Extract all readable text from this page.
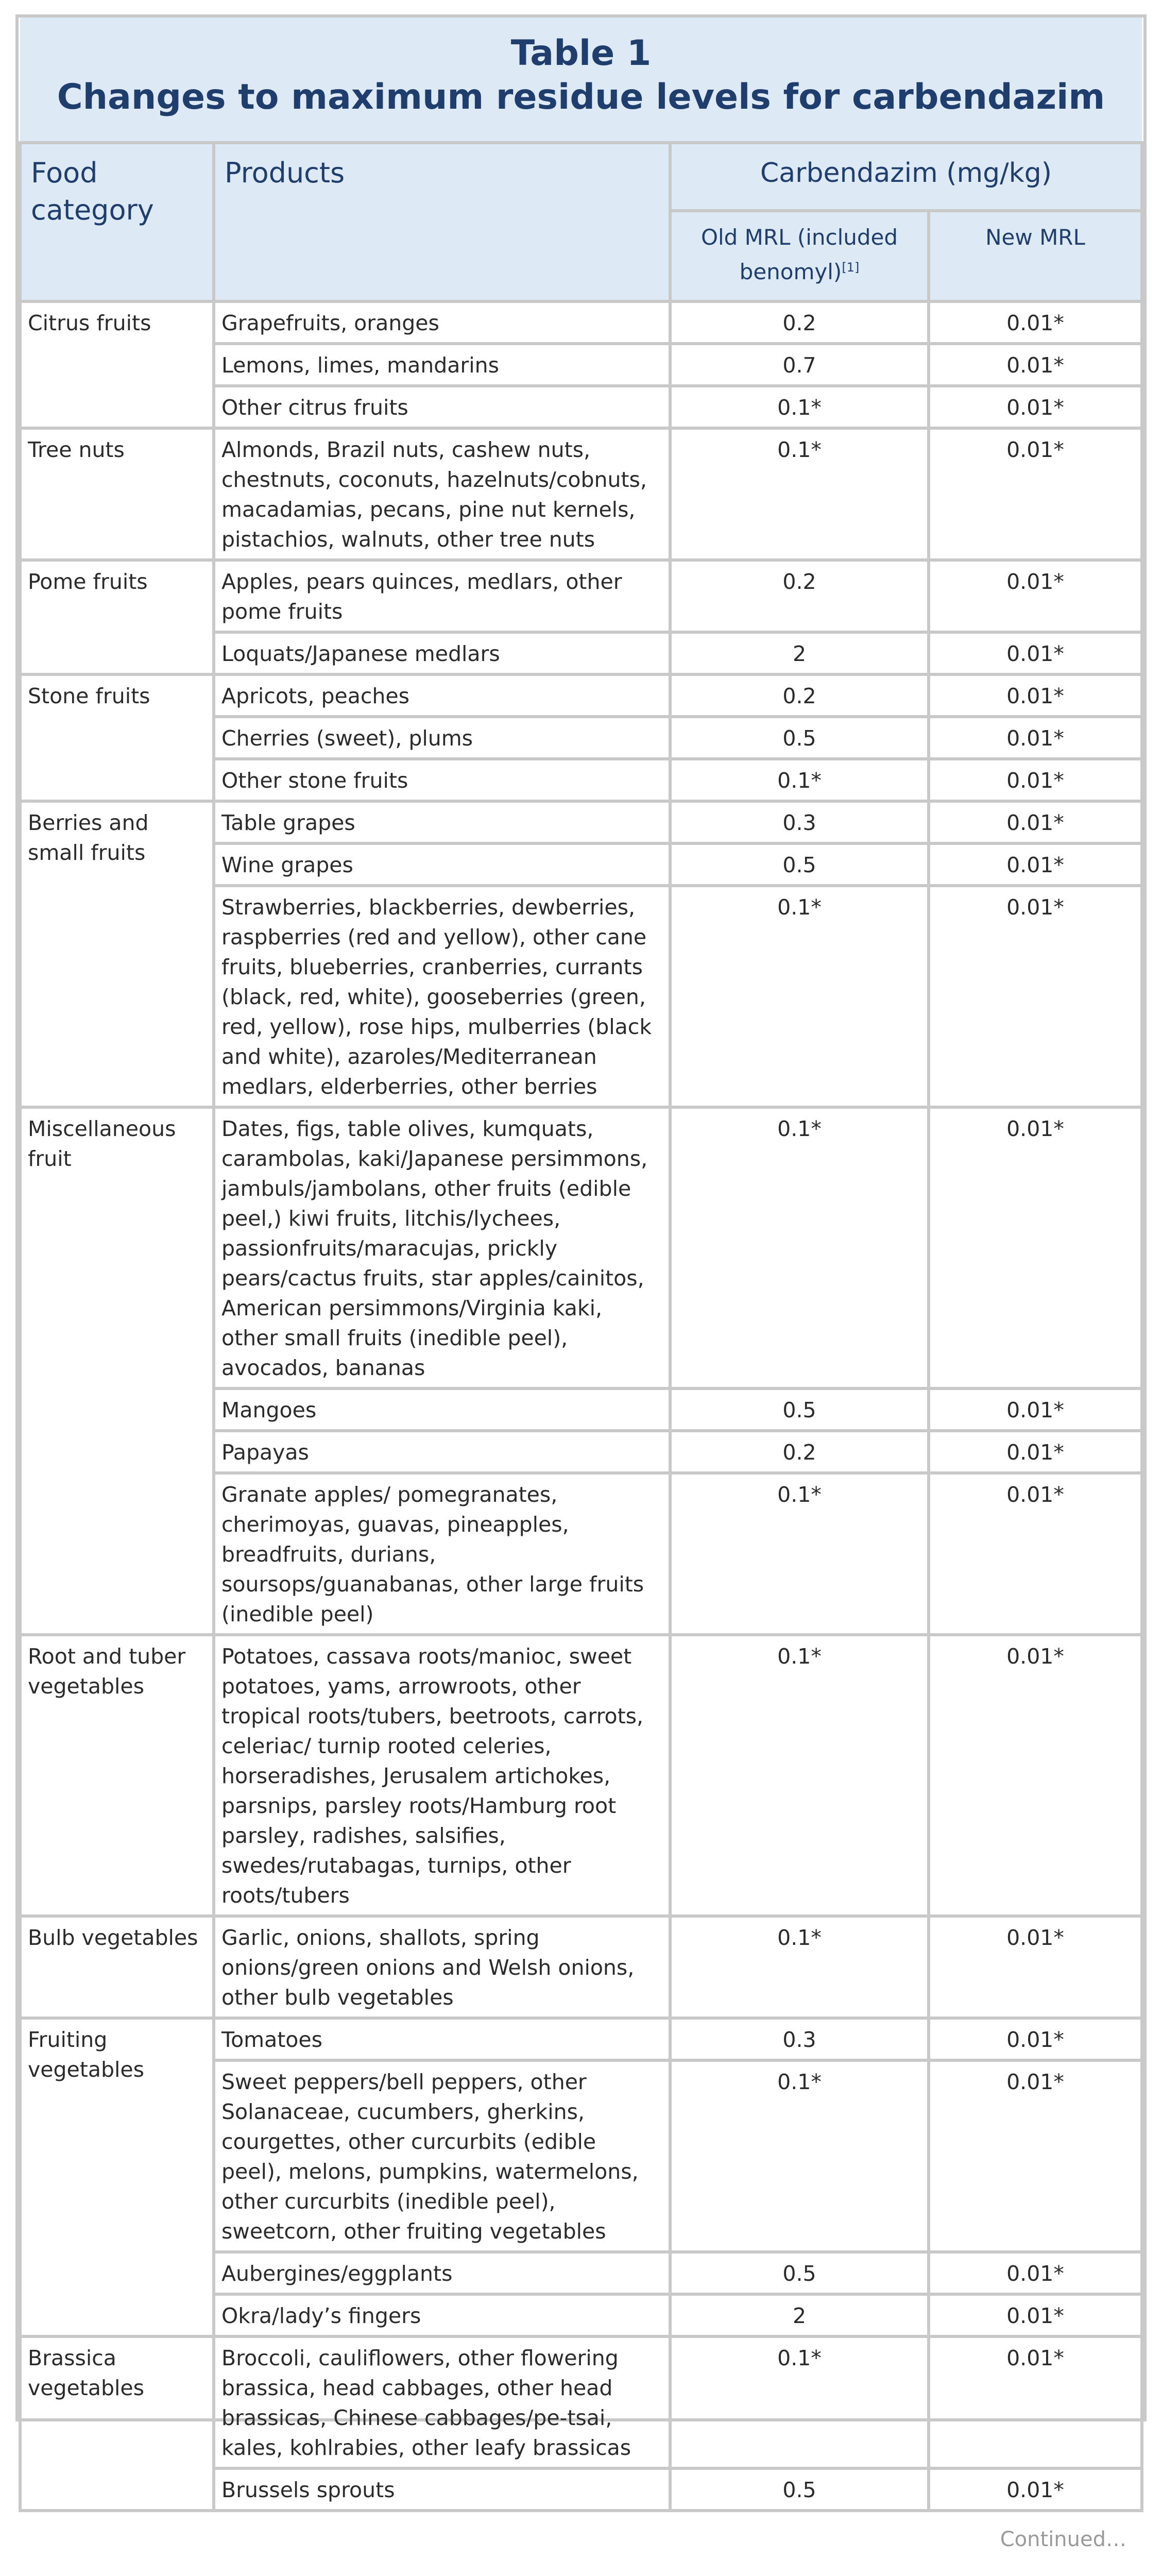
Table 1
Changes to maximum residue levels for carbendazim			

Food category	Products	Carbendazim (mg/kg)	
		Old MRL (included benomyl)[1]	New MRL
Citrus fruits	Grapefruits, oranges	0.2	0.01*
	Lemons, limes, mandarins	0.7	0.01*
	Other citrus fruits	0.1*	0.01*
Tree nuts	Almonds, Brazil nuts, cashew nuts, chestnuts, coconuts, hazelnuts/cobnuts, macadamias, pecans, pine nut kernels, pistachios, walnuts, other tree nuts	0.1*	0.01*
Pome fruits	Apples, pears quinces, medlars, other pome fruits	0.2	0.01*
	Loquats/Japanese medlars	2	0.01*
Stone fruits	Apricots, peaches	0.2	0.01*
	Cherries (sweet), plums	0.5	0.01*
	Other stone fruits	0.1*	0.01*
Berries and small fruits	Table grapes	0.3	0.01*
	Wine grapes	0.5	0.01*
	Strawberries, blackberries, dewberries, raspberries (red and yellow), other cane fruits, blueberries, cranberries, currants (black, red, white), gooseberries (green, red, yellow), rose hips, mulberries (black and white), azaroles/Mediterranean medlars, elderberries, other berries	0.1*	0.01*
Miscellaneous fruit	Dates, figs, table olives, kumquats, carambolas, kaki/Japanese persimmons, jambuls/jambolans, other fruits (edible peel,) kiwi fruits, litchis/lychees, passionfruits/maracujas, prickly pears/cactus fruits, star apples/cainitos, American persimmons/Virginia kaki, other small fruits (inedible peel), avocados, bananas	0.1*	0.01*
	Mangoes	0.5	0.01*
	Papayas	0.2	0.01*
	Granate apples/ pomegranates, cherimoyas, guavas, pineapples, breadfruits, durians, soursops/guanabanas, other large fruits (inedible peel)	0.1*	0.01*
Root and tuber vegetables	Potatoes, cassava roots/manioc, sweet potatoes, yams, arrowroots, other tropical roots/tubers, beetroots, carrots, celeriac/ turnip rooted celeries, horseradishes, Jerusalem artichokes, parsnips, parsley roots/Hamburg root parsley, radishes, salsifies, swedes/rutabagas, turnips, other roots/tubers	0.1*	0.01*
Bulb vegetables	Garlic, onions, shallots, spring onions/green onions and Welsh onions, other bulb vegetables	0.1*	0.01*
Fruiting vegetables	Tomatoes	0.3	0.01*
	Sweet peppers/bell peppers, other Solanaceae, cucumbers, gherkins, courgettes, other curcurbits (edible peel), melons, pumpkins, watermelons, other curcurbits (inedible peel), sweetcorn, other fruiting vegetables	0.1*	0.01*
	Aubergines/eggplants	0.5	0.01*
	Okra/lady’s fingers	2	0.01*
Brassica vegetables	Broccoli, cauliflowers, other flowering brassica, head cabbages, other head brassicas, Chinese cabbages/pe-tsai, kales, kohlrabies, other leafy brassicas	0.1*	0.01*
	Brussels sprouts	0.5	0.01*
Continued…			
